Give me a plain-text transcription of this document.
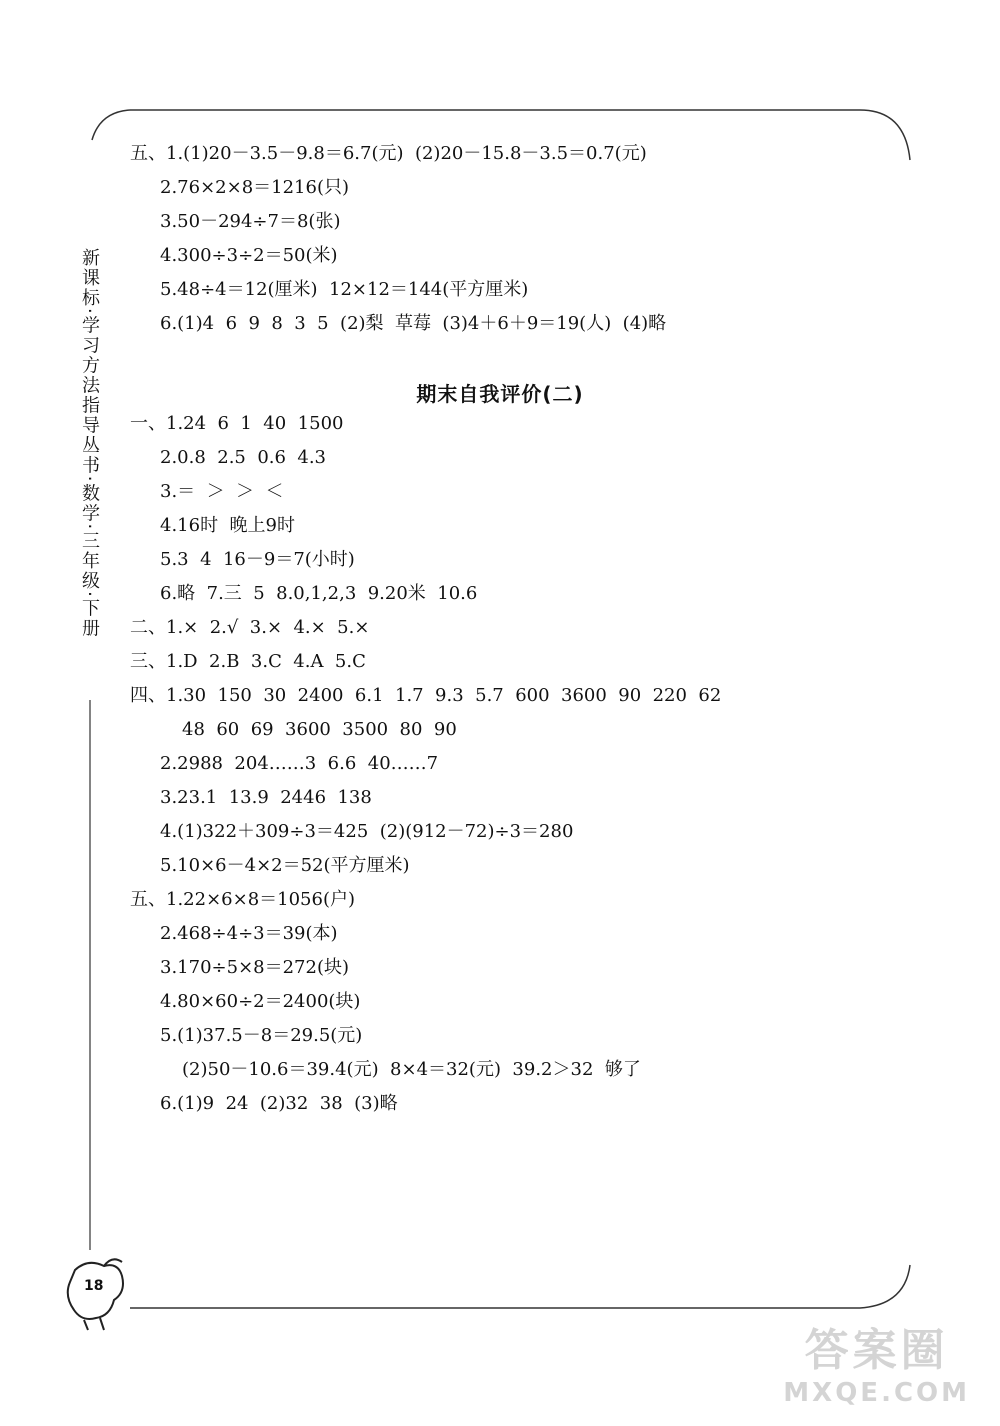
新课标·学习方法指导丛书·数学·三年级·下册
五、1.(1)20－3.5－9.8＝6.7(元)  (2)20－15.8－3.5＝0.7(元)
2.76×2×8＝1216(只)
3.50－294÷7＝8(张)
4.300÷3÷2＝50(米)
5.48÷4＝12(厘米)  12×12＝144(平方厘米)
6.(1)4  6  9  8  3  5  (2)梨  草莓  (3)4＋6＋9＝19(人)  (4)略
期末自我评价(二)
一、1.24  6  1  40  1500
2.0.8  2.5  0.6  4.3
3.＝  ＞  ＞  ＜
4.16时  晚上9时
5.3  4  16－9＝7(小时)
6.略  7.三  5  8.0,1,2,3  9.20米  10.6
二、1.×  2.√  3.×  4.×  5.×
三、1.D  2.B  3.C  4.A  5.C
四、1.30  150  30  2400  6.1  1.7  9.3  5.7  600  3600  90  220  62
48  60  69  3600  3500  80  90
2.2988  204……3  6.6  40……7
3.23.1  13.9  2446  138
4.(1)322＋309÷3＝425  (2)(912－72)÷3＝280
5.10×6－4×2＝52(平方厘米)
五、1.22×6×8＝1056(户)
2.468÷4÷3＝39(本)
3.170÷5×8＝272(块)
4.80×60÷2＝2400(块)
5.(1)37.5－8＝29.5(元)
(2)50－10.6＝39.4(元)  8×4＝32(元)  39.2＞32  够了
6.(1)9  24  (2)32  38  (3)略
18
答案圈
MXQE.COM
